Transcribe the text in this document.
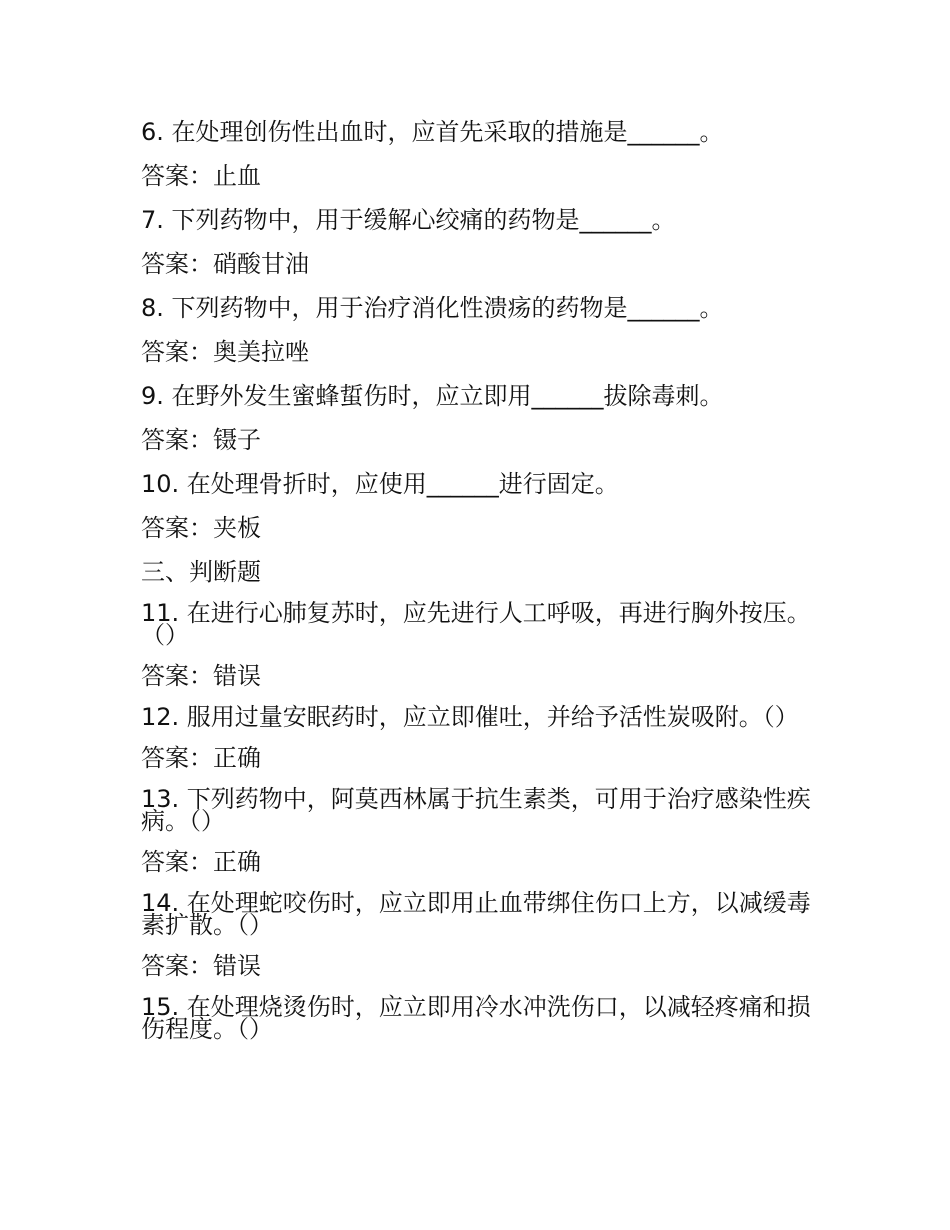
6. 在处理创伤性出血时，应首先采取的措施是______。
答案：止血
7. 下列药物中，用于缓解心绞痛的药物是______。
答案：硝酸甘油
8. 下列药物中，用于治疗消化性溃疡的药物是______。
答案：奥美拉唑
9. 在野外发生蜜蜂蜇伤时，应立即用______拔除毒刺。
答案：镊子
10. 在处理骨折时，应使用______进行固定。
答案：夹板
三、判断题
11. 在进行心肺复苏时，应先进行人工呼吸，再进行胸外按压。（）
答案：错误
12. 服用过量安眠药时，应立即催吐，并给予活性炭吸附。（）
答案：正确
13. 下列药物中，阿莫西林属于抗生素类，可用于治疗感染性疾病。（）
答案：正确
14. 在处理蛇咬伤时，应立即用止血带绑住伤口上方，以减缓毒素扩散。（）
答案：错误
15. 在处理烧烫伤时，应立即用冷水冲洗伤口，以减轻疼痛和损伤程度。（）
